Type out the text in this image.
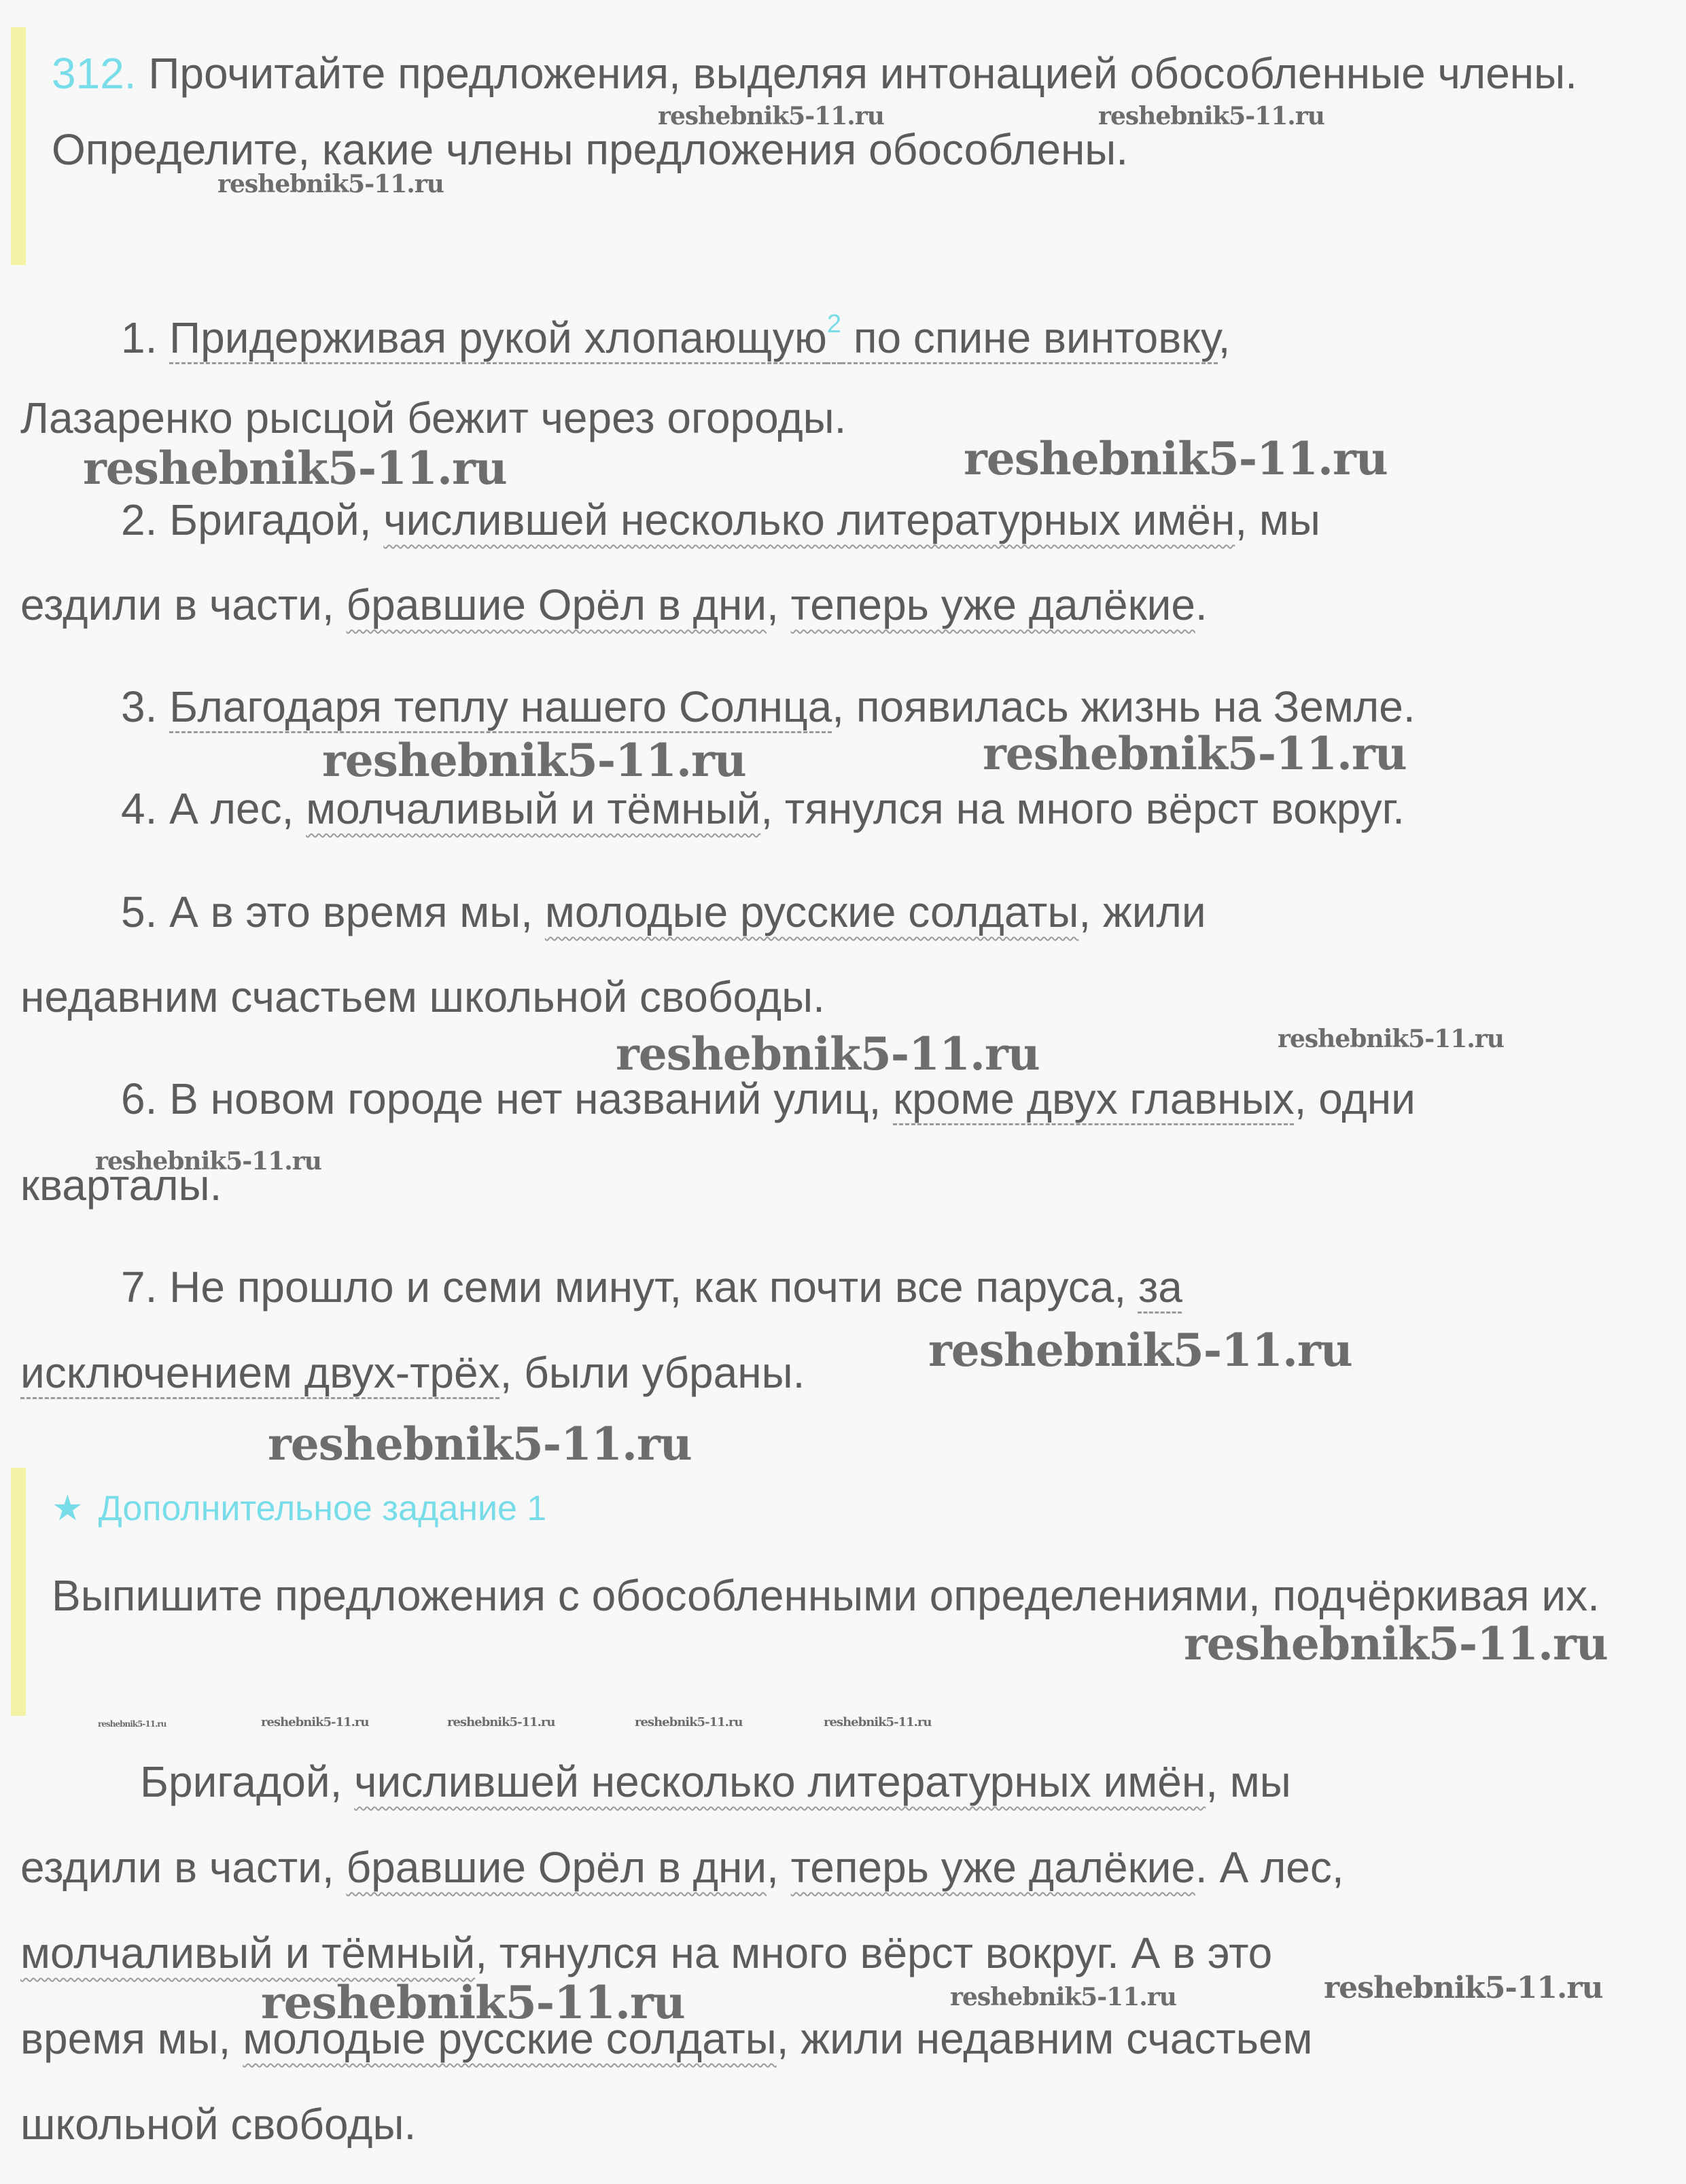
312. Прочитайте предложения, выделяя интонацией обособленные члены. Определите, какие члены предложения обособлены.
1. Придерживая рукой хлопающую$^2$ по спине винтовку,
Лазаренко рысцой бежит через огороды.
2. Бригадой, числившей несколько литературных имён, мы
ездили в части, бравшие Орёл в дни, теперь уже далёкие.
3. Благодаря теплу нашего Солнца, появилась жизнь на Земле.
4. А лес, молчаливый и тёмный, тянулся на много вёрст вокруг.
5. А в это время мы, молодые русские солдаты, жили
недавним счастьем школьной свободы.
6. В новом городе нет названий улиц, кроме двух главных, одни
кварталы.
7. Не прошло и семи минут, как почти все паруса, за
исключением двух-трёх, были убраны.
★ Дополнительное задание 1
Выпишите предложения с обособленными определениями, подчёркивая их.
Бригадой, числившей несколько литературных имён, мы
ездили в части, бравшие Орёл в дни, теперь уже далёкие. А лес,
молчаливый и тёмный, тянулся на много вёрст вокруг. А в это
время мы, молодые русские солдаты, жили недавним счастьем
школьной свободы.
reshebnik5-11.ru	reshebnik5-11.ru
reshebnik5-11.ru
reshebnik5-11.ru	reshebnik5-11.ru
reshebnik5-11.ru	reshebnik5-11.ru
reshebnik5-11.ru	reshebnik5-11.ru
reshebnik5-11.ru
reshebnik5-11.ru
reshebnik5-11.ru
reshebnik5-11.ru
reshebnik5-11.ru	reshebnik5-11.ru	reshebnik5-11.ru	reshebnik5-11.ru	reshebnik5-11.ru
reshebnik5-11.ru	reshebnik5-11.ru	reshebnik5-11.ru
